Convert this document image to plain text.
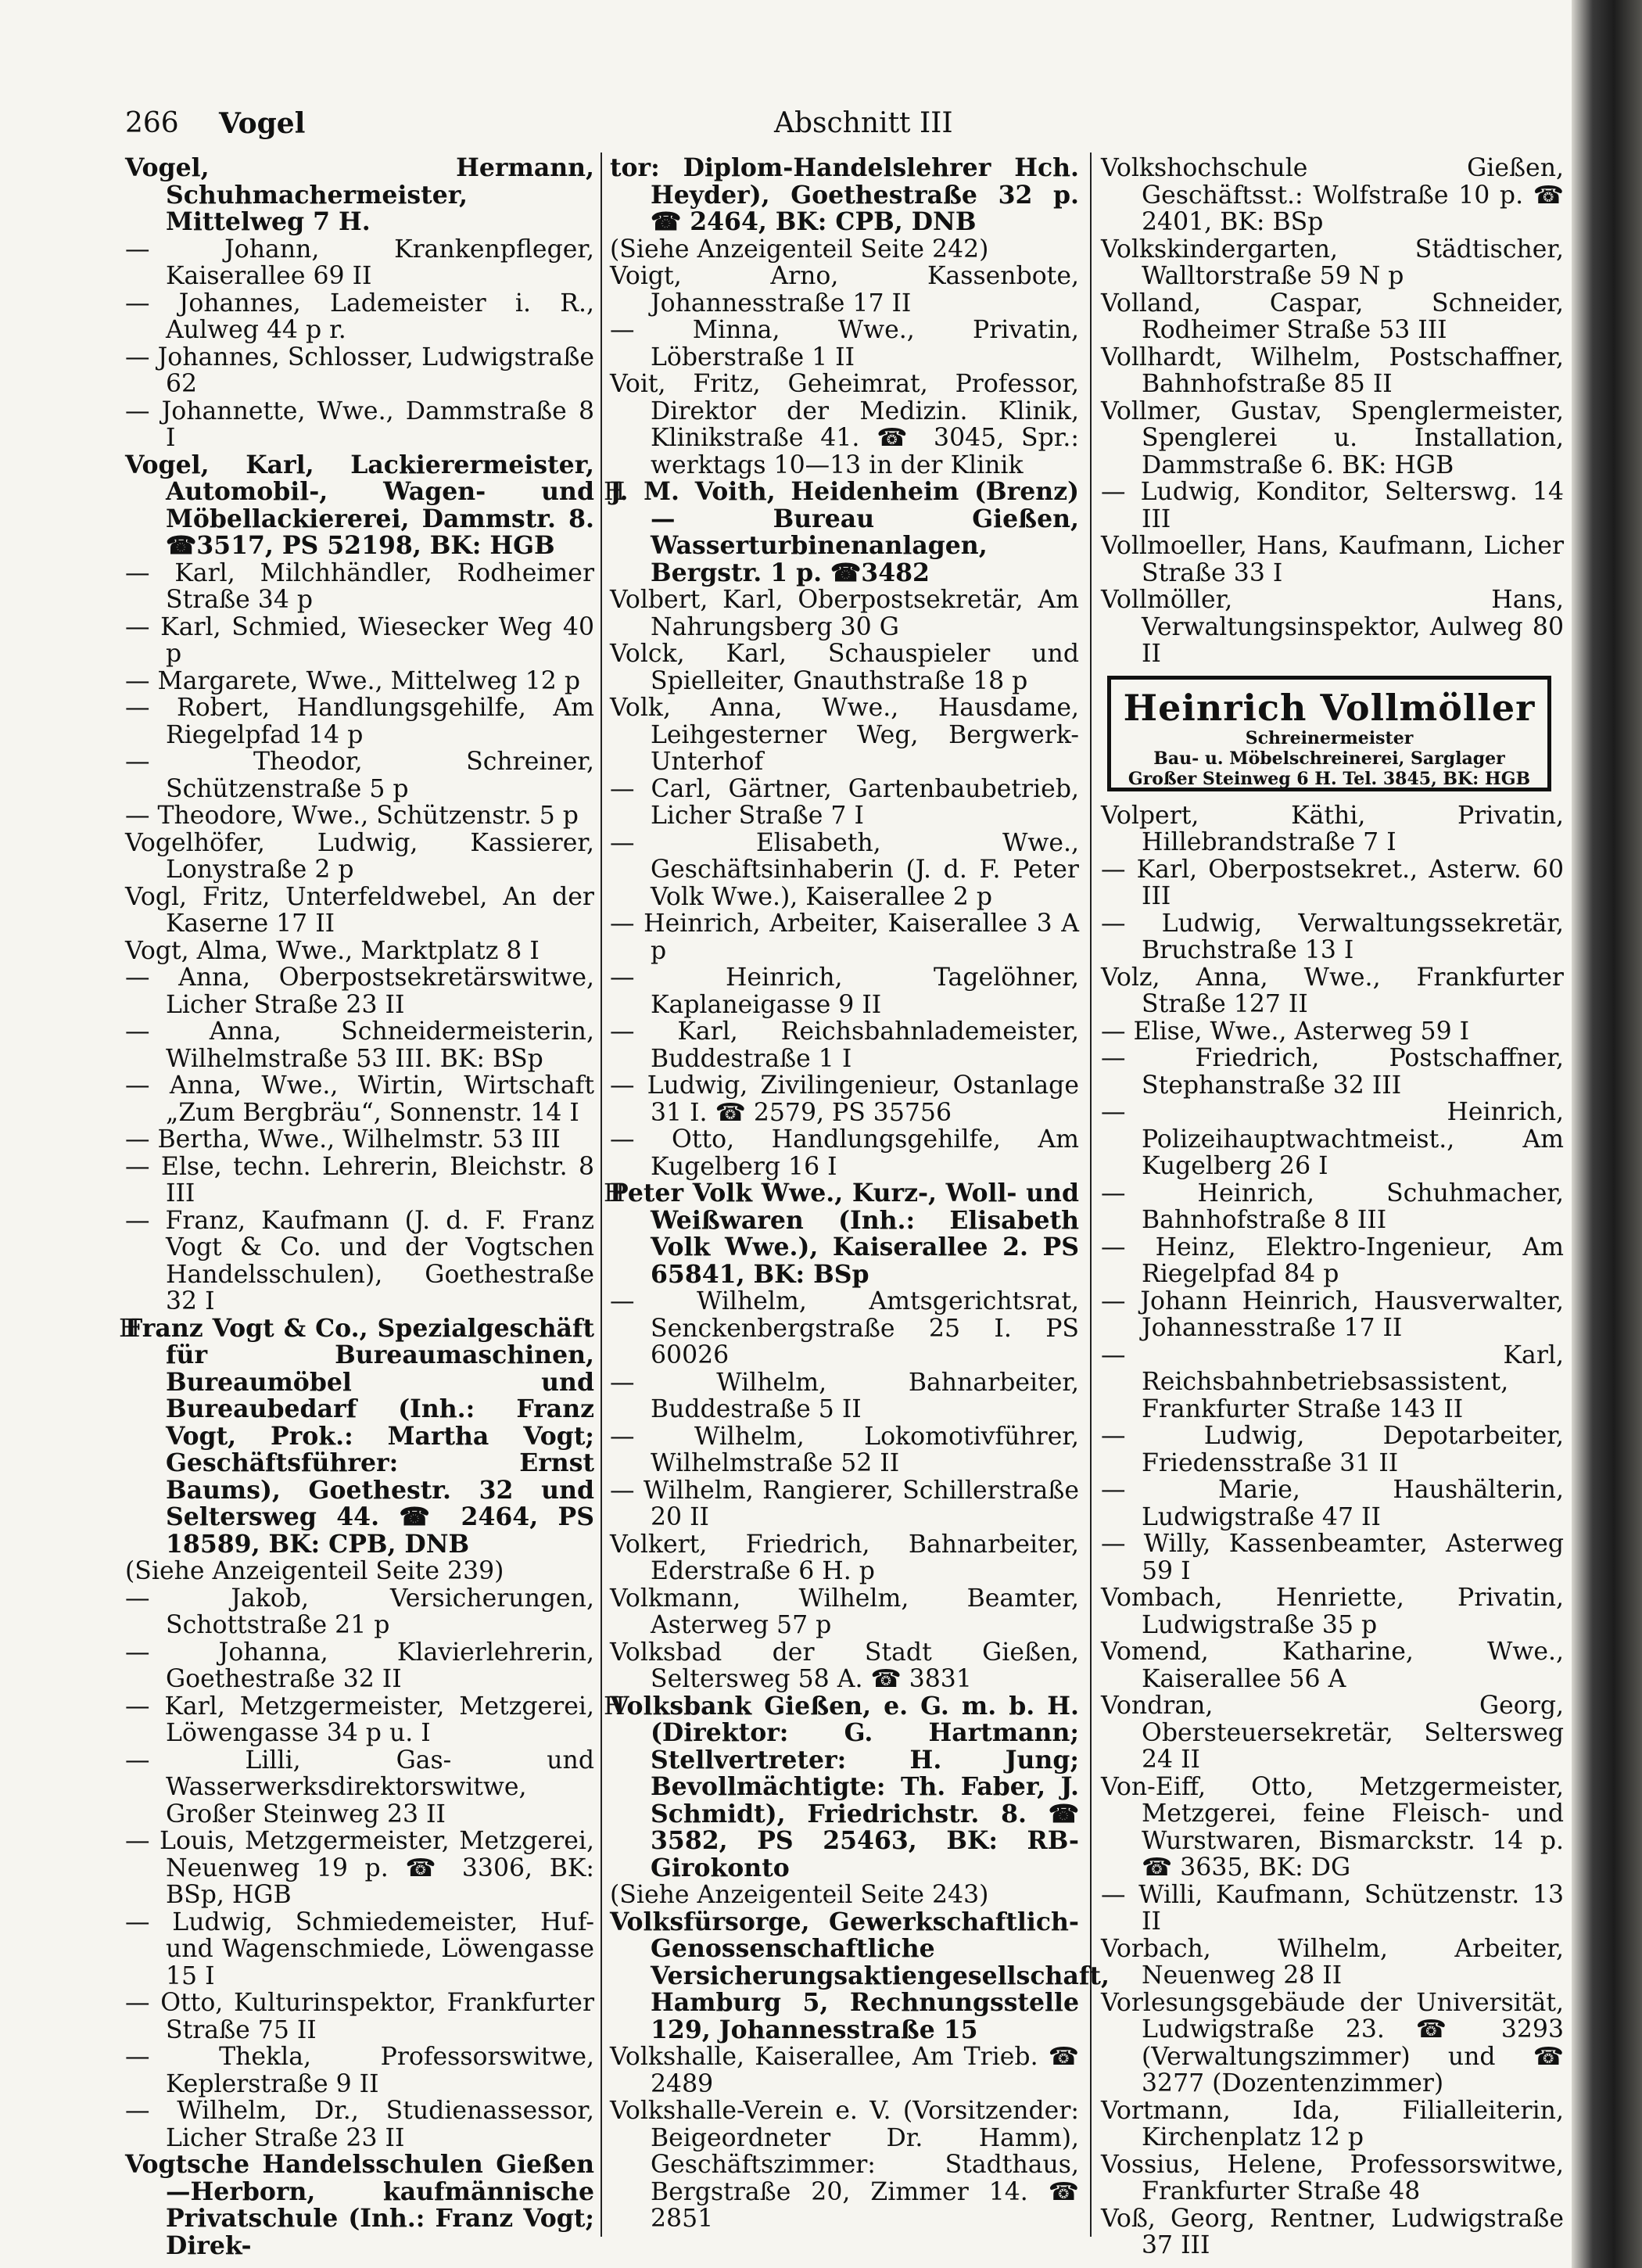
266 Vogel	Abschnitt III
Vogel, Hermann, Schuhmachermeister, Mittelweg 7 H.
— Johann, Krankenpfleger, Kaiserallee 69 II
— Johannes, Lademeister i. R., Aulweg 44 p r.
— Johannes, Schlosser, Ludwigstraße 62
— Johannette, Wwe., Dammstraße 8 I
Vogel, Karl, Lackierermeister, Automobil-, Wagen- und Möbellackiererei, Dammstr. 8. ☎3517, PS 52198, BK: HGB
— Karl, Milchhändler, Rodheimer Straße 34 p
— Karl, Schmied, Wiesecker Weg 40 p
— Margarete, Wwe., Mittelweg 12 p
— Robert, Handlungsgehilfe, Am Riegelpfad 14 p
— Theodor, Schreiner, Schützenstraße 5 p
— Theodore, Wwe., Schützenstr. 5 p
Vogelhöfer, Ludwig, Kassierer, Lonystraße 2 p
Vogl, Fritz, Unterfeldwebel, An der Kaserne 17 II
Vogt, Alma, Wwe., Marktplatz 8 I
— Anna, Oberpostsekretärswitwe, Licher Straße 23 II
— Anna, Schneidermeisterin, Wilhelmstraße 53 III. BK: BSp
— Anna, Wwe., Wirtin, Wirtschaft „Zum Bergbräu“, Sonnenstr. 14 I
— Bertha, Wwe., Wilhelmstr. 53 III
— Else, techn. Lehrerin, Bleichstr. 8 III
— Franz, Kaufmann (J. d. F. Franz Vogt & Co. und der Vogtschen Handelsschulen), Goethestraße 32 I
H Franz Vogt & Co., Spezialgeschäft für Bureaumaschinen, Bureaumöbel und Bureaubedarf (Inh.: Franz Vogt, Prok.: Martha Vogt; Geschäftsführer: Ernst Baums), Goethestr. 32 und Seltersweg 44. ☎ 2464, PS 18589, BK: CPB, DNB
(Siehe Anzeigenteil Seite 239)
— Jakob, Versicherungen, Schottstraße 21 p
— Johanna, Klavierlehrerin, Goethestraße 32 II
— Karl, Metzgermeister, Metzgerei, Löwengasse 34 p u. I
— Lilli, Gas- und Wasserwerksdirektorswitwe, Großer Steinweg 23 II
— Louis, Metzgermeister, Metzgerei, Neuenweg 19 p. ☎ 3306, BK: BSp, HGB
— Ludwig, Schmiedemeister, Huf- und Wagenschmiede, Löwengasse 15 I
— Otto, Kulturinspektor, Frankfurter Straße 75 II
— Thekla, Professorswitwe, Keplerstraße 9 II
— Wilhelm, Dr., Studienassessor, Licher Straße 23 II
Vogtsche Handelsschulen Gießen—Herborn, kaufmännische Privatschule (Inh.: Franz Vogt; Direk-
tor: Diplom-Handelslehrer Hch. Heyder), Goethestraße 32 p. ☎ 2464, BK: CPB, DNB
(Siehe Anzeigenteil Seite 242)
Voigt, Arno, Kassenbote, Johannesstraße 17 II
— Minna, Wwe., Privatin, Löberstraße 1 II
Voit, Fritz, Geheimrat, Professor, Direktor der Medizin. Klinik, Klinikstraße 41. ☎ 3045, Spr.: werktags 10—13 in der Klinik
H J. M. Voith, Heidenheim (Brenz) — Bureau Gießen, Wasserturbinenanlagen, Bergstr. 1 p. ☎3482
Volbert, Karl, Oberpostsekretär, Am Nahrungsberg 30 G
Volck, Karl, Schauspieler und Spielleiter, Gnauthstraße 18 p
Volk, Anna, Wwe., Hausdame, Leihgesterner Weg, Bergwerk-Unterhof
— Carl, Gärtner, Gartenbaubetrieb, Licher Straße 7 I
— Elisabeth, Wwe., Geschäftsinhaberin (J. d. F. Peter Volk Wwe.), Kaiserallee 2 p
— Heinrich, Arbeiter, Kaiserallee 3 A p
— Heinrich, Tagelöhner, Kaplaneigasse 9 II
— Karl, Reichsbahnlademeister, Buddestraße 1 I
— Ludwig, Zivilingenieur, Ostanlage 31 I. ☎ 2579, PS 35756
— Otto, Handlungsgehilfe, Am Kugelberg 16 I
H Peter Volk Wwe., Kurz-, Woll- und Weißwaren (Inh.: Elisabeth Volk Wwe.), Kaiserallee 2. PS 65841, BK: BSp
— Wilhelm, Amtsgerichtsrat, Senckenbergstraße 25 I. PS 60026
— Wilhelm, Bahnarbeiter, Buddestraße 5 II
— Wilhelm, Lokomotivführer, Wilhelmstraße 52 II
— Wilhelm, Rangierer, Schillerstraße 20 II
Volkert, Friedrich, Bahnarbeiter, Ederstraße 6 H. p
Volkmann, Wilhelm, Beamter, Asterweg 57 p
Volksbad der Stadt Gießen, Seltersweg 58 A. ☎ 3831
H Volksbank Gießen, e. G. m. b. H. (Direktor: G. Hartmann; Stellvertreter: H. Jung; Bevollmächtigte: Th. Faber, J. Schmidt), Friedrichstr. 8. ☎ 3582, PS 25463, BK: RB-Girokonto
(Siehe Anzeigenteil Seite 243)
Volksfürsorge, Gewerkschaftlich-Genossenschaftliche Versicherungsaktiengesellschaft, Hamburg 5, Rechnungsstelle 129, Johannesstraße 15
Volkshalle, Kaiserallee, Am Trieb. ☎ 2489
Volkshalle-Verein e. V. (Vorsitzender: Beigeordneter Dr. Hamm), Geschäftszimmer: Stadthaus, Bergstraße 20, Zimmer 14. ☎ 2851
Volkshochschule Gießen, Geschäftsst.: Wolfstraße 10 p. ☎ 2401, BK: BSp
Volkskindergarten, Städtischer, Walltorstraße 59 N p
Volland, Caspar, Schneider, Rodheimer Straße 53 III
Vollhardt, Wilhelm, Postschaffner, Bahnhofstraße 85 II
Vollmer, Gustav, Spenglermeister, Spenglerei u. Installation, Dammstraße 6. BK: HGB
— Ludwig, Konditor, Selterswg. 14 III
Vollmoeller, Hans, Kaufmann, Licher Straße 33 I
Vollmöller, Hans, Verwaltungsinspektor, Aulweg 80 II
Heinrich Vollmöller
Schreinermeister
Bau- u. Möbelschreinerei, Sarglager
Großer Steinweg 6 H. Tel. 3845, BK: HGB
Volpert, Käthi, Privatin, Hillebrandstraße 7 I
— Karl, Oberpostsekret., Asterw. 60 III
— Ludwig, Verwaltungssekretär, Bruchstraße 13 I
Volz, Anna, Wwe., Frankfurter Straße 127 II
— Elise, Wwe., Asterweg 59 I
— Friedrich, Postschaffner, Stephanstraße 32 III
— Heinrich, Polizeihauptwachtmeist., Am Kugelberg 26 I
— Heinrich, Schuhmacher, Bahnhofstraße 8 III
— Heinz, Elektro-Ingenieur, Am Riegelpfad 84 p
— Johann Heinrich, Hausverwalter, Johannesstraße 17 II
— Karl, Reichsbahnbetriebsassistent, Frankfurter Straße 143 II
— Ludwig, Depotarbeiter, Friedensstraße 31 II
— Marie, Haushälterin, Ludwigstraße 47 II
— Willy, Kassenbeamter, Asterweg 59 I
Vombach, Henriette, Privatin, Ludwigstraße 35 p
Vomend, Katharine, Wwe., Kaiserallee 56 A
Vondran, Georg, Obersteuersekretär, Seltersweg 24 II
Von-Eiff, Otto, Metzgermeister, Metzgerei, feine Fleisch- und Wurstwaren, Bismarckstr. 14 p. ☎ 3635, BK: DG
— Willi, Kaufmann, Schützenstr. 13 II
Vorbach, Wilhelm, Arbeiter, Neuenweg 28 II
Vorlesungsgebäude der Universität, Ludwigstraße 23. ☎ 3293 (Verwaltungszimmer) und ☎ 3277 (Dozentenzimmer)
Vortmann, Ida, Filialleiterin, Kirchenplatz 12 p
Vossius, Helene, Professorswitwe, Frankfurter Straße 48
Voß, Georg, Rentner, Ludwigstraße 37 III
